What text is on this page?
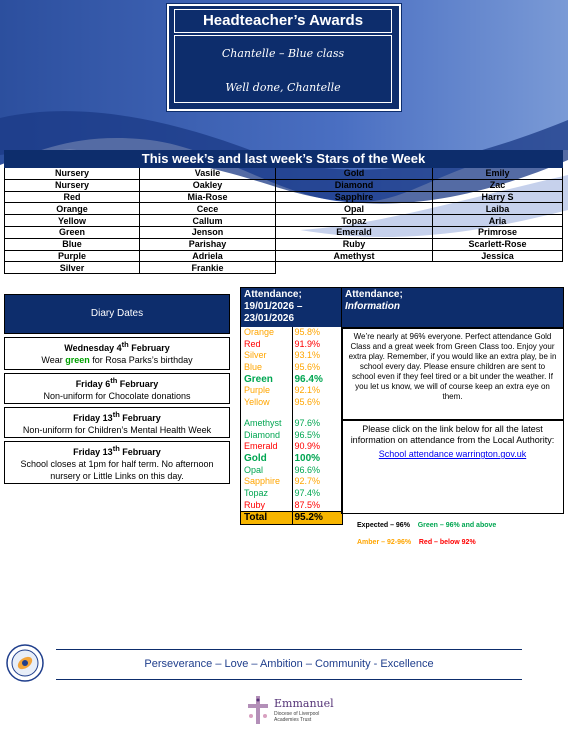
Headteacher’s Awards
Chantelle – Blue class
Well done, Chantelle
This week’s and last week’s Stars of the Week			
Nursery	Vasile	Gold	Emily
Nursery	Oakley	Diamond	Zac
Red	Mia-Rose	Sapphire	Harry S
Orange	Cece	Opal	Laiba
Yellow	Callum	Topaz	Aria
Green	Jenson	Emerald	Primrose
Blue	Parishay	Ruby	Scarlett-Rose
Purple	Adriela	Amethyst	Jessica
Silver	Frankie		
Diary Dates
Wednesday 4th February
Wear green for Rosa Parks’s birthday
Friday 6th February
Non-uniform for Chocolate donations
Friday 13th February
Non-uniform for Children’s Mental Health Week
Friday 13th February
School closes at 1pm for half term. No afternoon nursery or Little Links on this day.
Attendance;
19/01/2026 –
23/01/2026
Orange	95.8%
Red	91.9%
Silver	93.1%
Blue	95.6%
Green	96.4%
Purple	92.1%
Yellow	95.6%
Amethyst	97.6%
Diamond	96.5%
Emerald	90.9%
Gold	100%
Opal	96.6%
Sapphire	92.7%
Topaz	97.4%
Ruby	87.5%
Total	95.2%
Attendance;
Information
We’re nearly at 96% everyone. Perfect attendance Gold Class and a great week from Green Class too. Enjoy your extra play. Remember, if you would like an extra play, be in school every day. Please ensure children are sent to school even if they feel tired or a bit under the weather. If you let us know, we will of course keep an extra eye on them.
Please click on the link below for all the latest information on attendance from the Local Authority:
School attendance warrington.gov.uk
Expected – 96% Green – 96% and above
Amber – 92-96% Red – below 92%
Perseverance – Love – Ambition – Community - Excellence
Emmanuel
Diocese of Liverpool Academies Trust
